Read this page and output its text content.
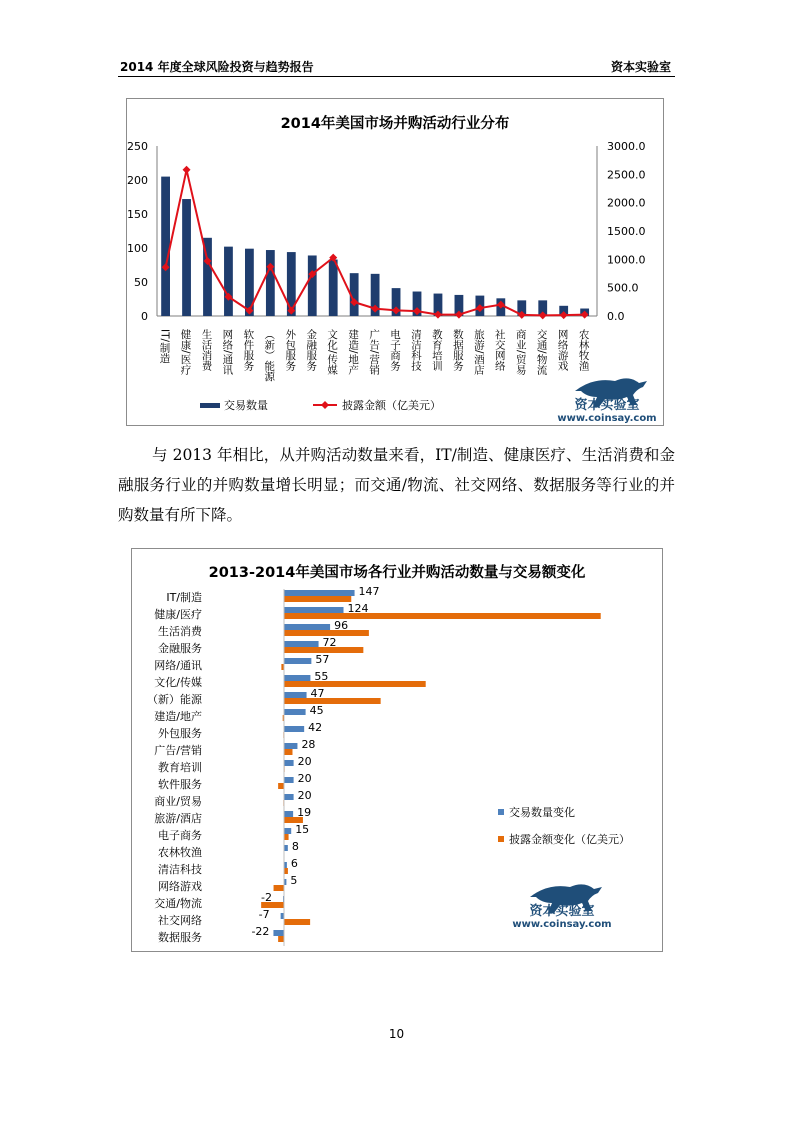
2014 年度全球风险投资与趋势报告	资本实验室
2014年美国市场并购活动行业分布
0
50
100
150
200
250
0.0
500.0
1000.0
1500.0
2000.0
2500.0
3000.0
IT/制造 健康/医疗 生活消费 网络/通讯 软件服务 （新）能源 外包服务 金融服务 文化/传媒 建造/地产 广告/营销 电子商务 清洁科技 教育培训 数据服务 旅游/酒店 社交网络 商业/贸易 交通/物流 网络游戏 农林牧渔
交易数量	披露金额（亿美元）	资本实验室
www.coinsay.com

与 2013 年相比，从并购活动数量来看，IT/制造、健康医疗、生活消费和金融服务行业的并购数量增长明显；而交通/物流、社交网络、数据服务等行业的并购数量有所下降。

2013-2014年美国市场各行业并购活动数量与交易额变化
IT/制造	147
健康/医疗	124
生活消费	96
金融服务	72
网络/通讯	57
文化/传媒	55
（新）能源	47
建造/地产	45
外包服务	42
广告/营销	28
教育培训	20
软件服务	20
商业/贸易	20
旅游/酒店	19
电子商务	15
农林牧渔	8
清洁科技	6
网络游戏	5
交通/物流	-2
社交网络	-7
数据服务	-22
交易数量变化
披露金额变化（亿美元）
资本实验室
www.coinsay.com
10
